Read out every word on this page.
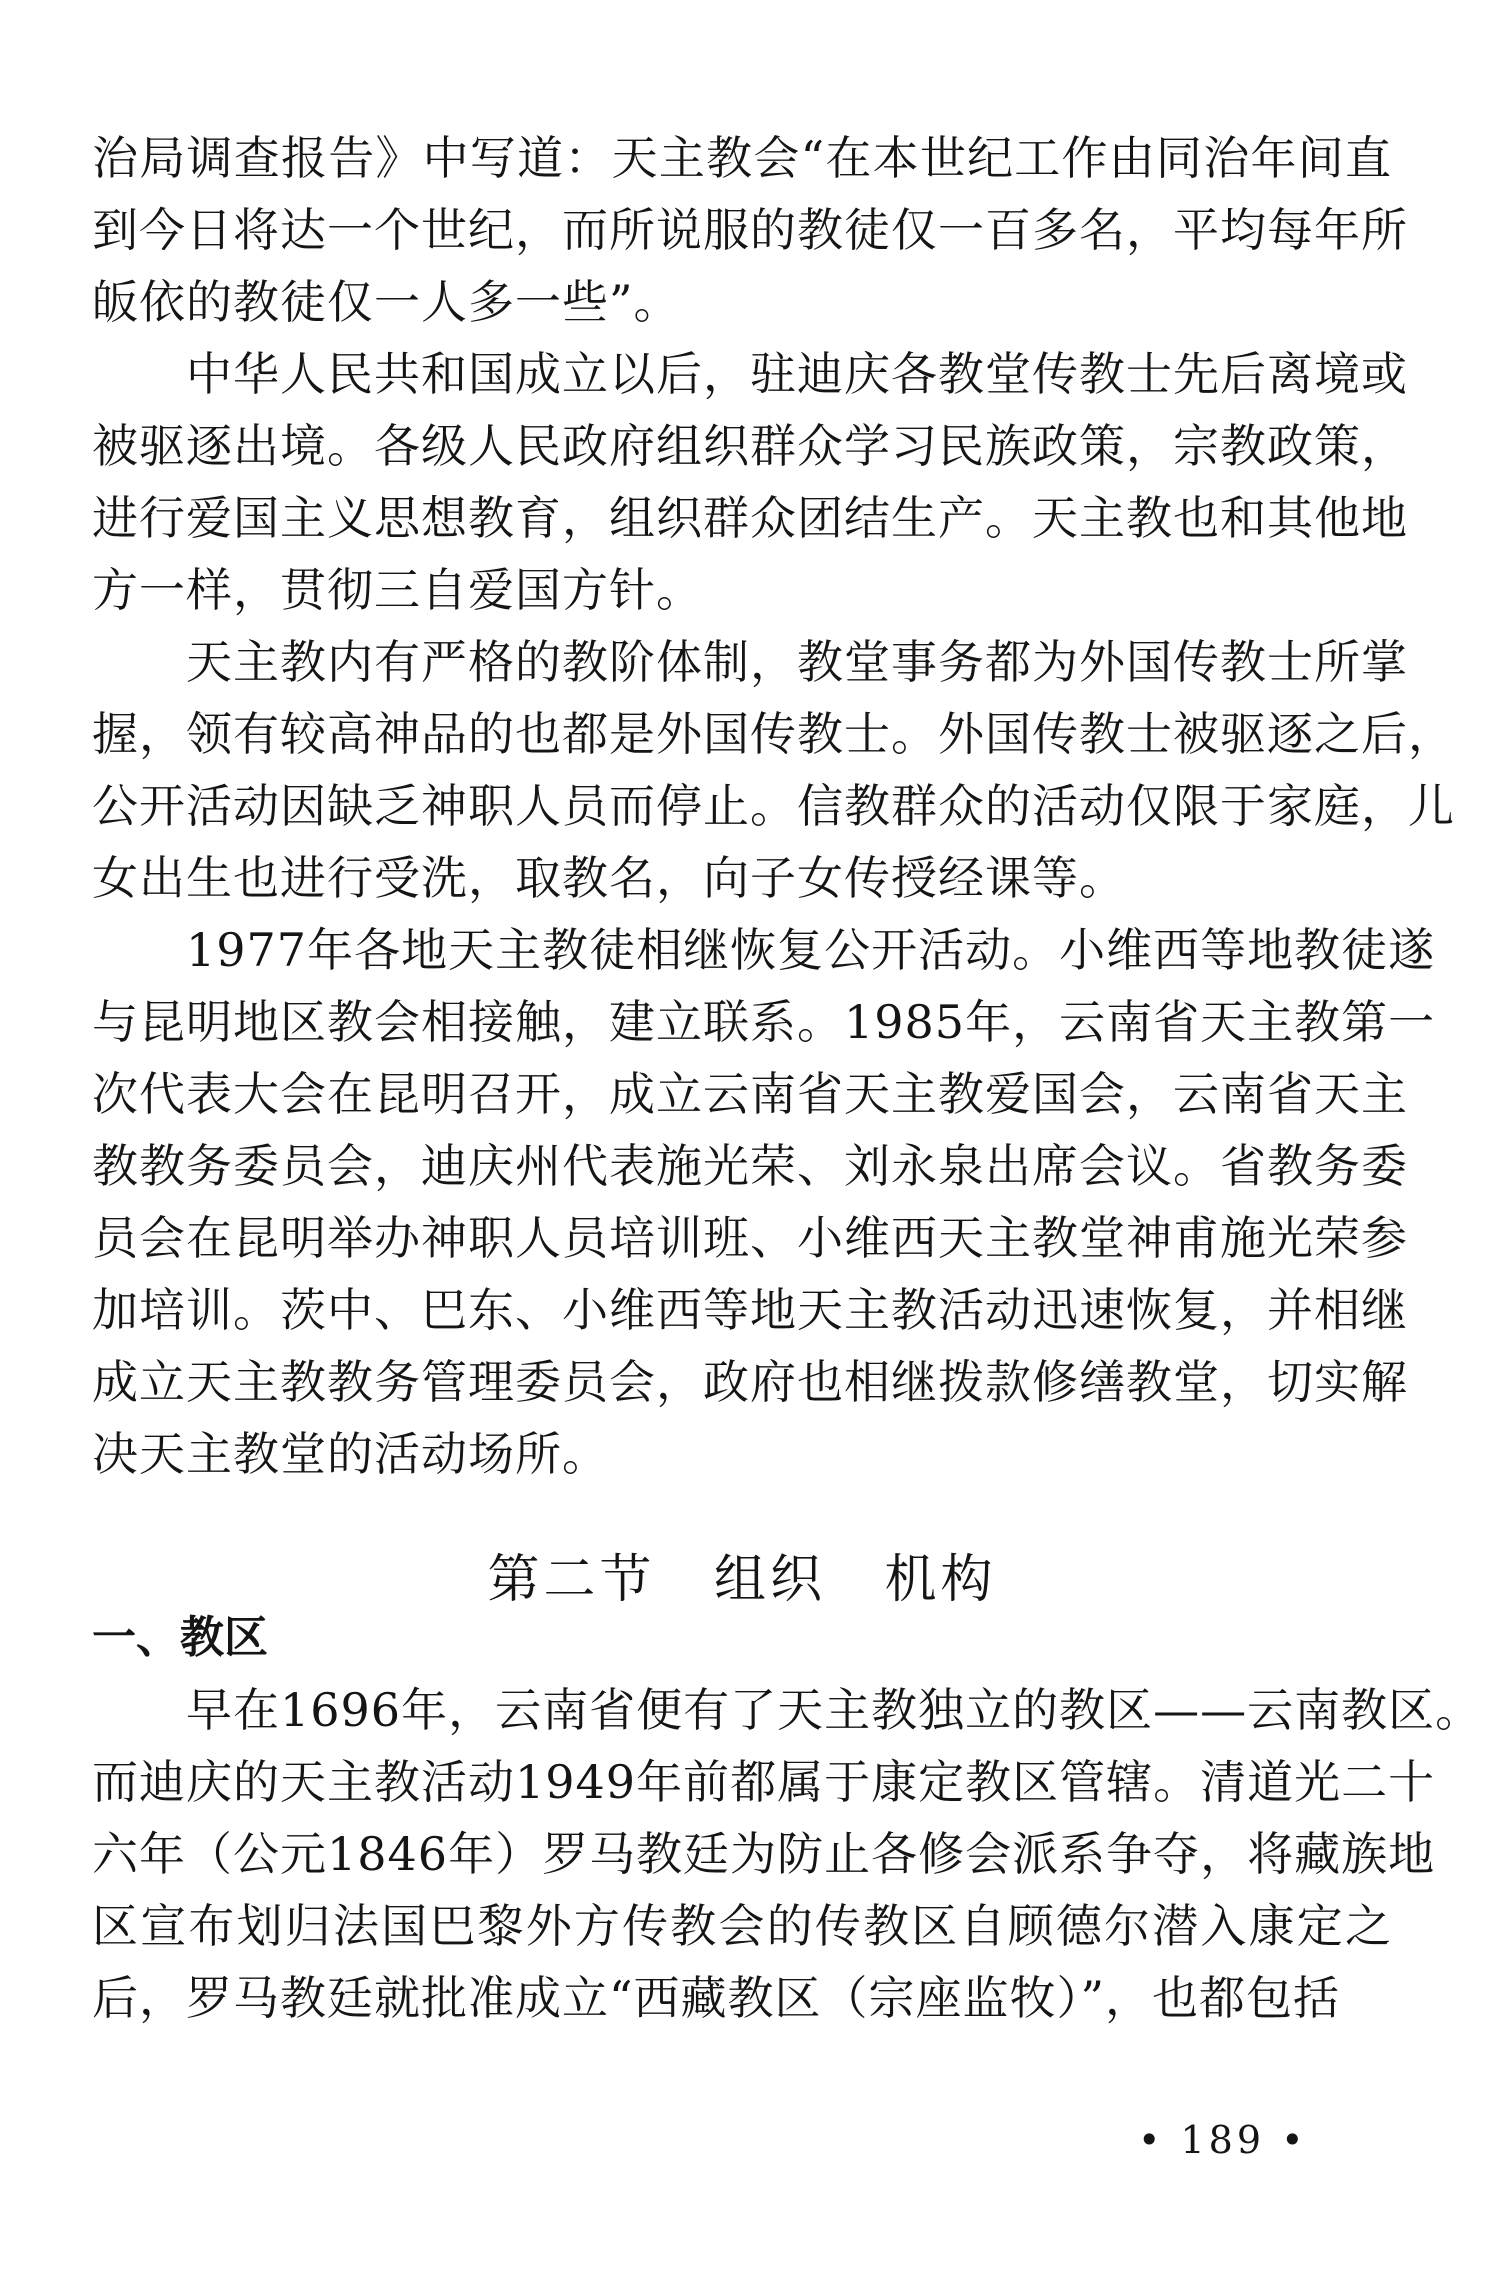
治局调查报告》中写道：天主教会“在本世纪工作由同治年间直
到今日将达一个世纪，而所说服的教徒仅一百多名，平均每年所
皈依的教徒仅一人多一些”。
中华人民共和国成立以后，驻迪庆各教堂传教士先后离境或
被驱逐出境。各级人民政府组织群众学习民族政策，宗教政策，
进行爱国主义思想教育，组织群众团结生产。天主教也和其他地
方一样，贯彻三自爱国方针。
天主教内有严格的教阶体制，教堂事务都为外国传教士所掌
握，领有较高神品的也都是外国传教士。外国传教士被驱逐之后，
公开活动因缺乏神职人员而停止。信教群众的活动仅限于家庭，儿
女出生也进行受洗，取教名，向子女传授经课等。
1977年各地天主教徒相继恢复公开活动。小维西等地教徒遂
与昆明地区教会相接触，建立联系。1985年，云南省天主教第一
次代表大会在昆明召开，成立云南省天主教爱国会，云南省天主
教教务委员会，迪庆州代表施光荣、刘永泉出席会议。省教务委
员会在昆明举办神职人员培训班、小维西天主教堂神甫施光荣参
加培训。茨中、巴东、小维西等地天主教活动迅速恢复，并相继
成立天主教教务管理委员会，政府也相继拨款修缮教堂，切实解
决天主教堂的活动场所。
第二节 组织 机构
一、教区
早在1696年，云南省便有了天主教独立的教区——云南教区。
而迪庆的天主教活动1949年前都属于康定教区管辖。清道光二十
六年（公元1846年）罗马教廷为防止各修会派系争夺，将藏族地
区宣布划归法国巴黎外方传教会的传教区自顾德尔潜入康定之
后，罗马教廷就批准成立“西藏教区（宗座监牧）”，也都包括
• 189 •
